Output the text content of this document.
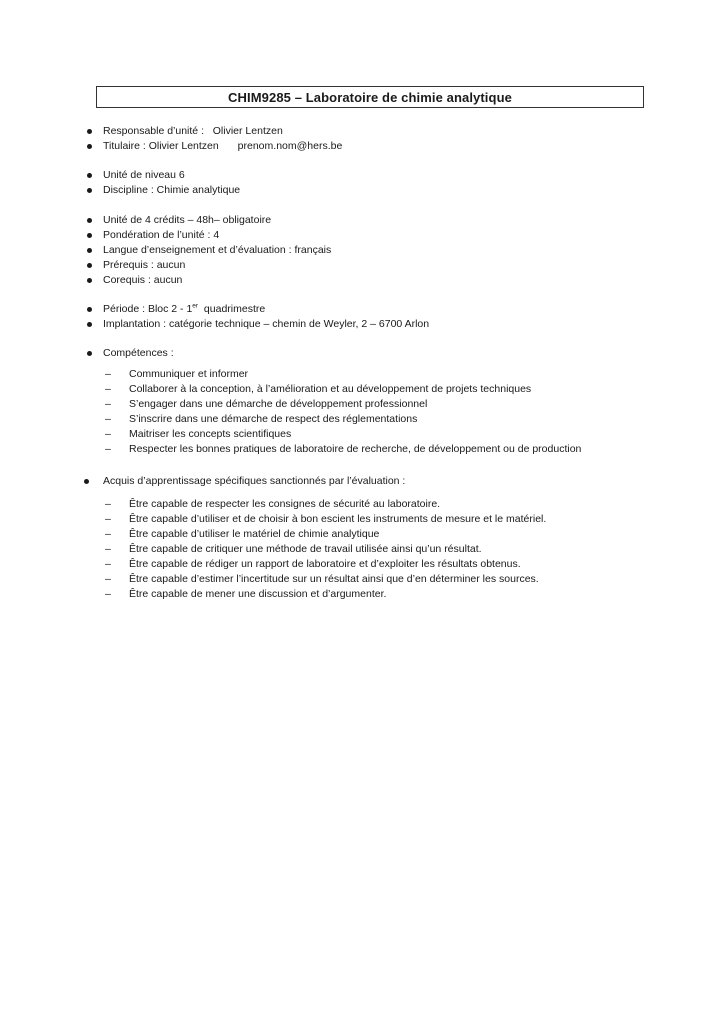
CHIM9285 – Laboratoire de chimie analytique
Responsable d’unité : Olivier Lentzen
Titulaire : Olivier Lentzen prenom.nom@hers.be
Unité de niveau 6
Discipline : Chimie analytique
Unité de 4 crédits – 48h– obligatoire
Pondération de l’unité : 4
Langue d’enseignement et d’évaluation : français
Prérequis : aucun
Corequis : aucun
Période : Bloc 2 - 1er quadrimestre
Implantation : catégorie technique – chemin de Weyler, 2 – 6700 Arlon
Compétences :
– Communiquer et informer
– Collaborer à la conception, à l’amélioration et au développement de projets techniques
– S’engager dans une démarche de développement professionnel
– S’inscrire dans une démarche de respect des réglementations
– Maitriser les concepts scientifiques
– Respecter les bonnes pratiques de laboratoire de recherche, de développement ou de production
Acquis d’apprentissage spécifiques sanctionnés par l’évaluation :
– Être capable de respecter les consignes de sécurité au laboratoire.
– Être capable d’utiliser et de choisir à bon escient les instruments de mesure et le matériel.
– Être capable d’utiliser le matériel de chimie analytique
– Être capable de critiquer une méthode de travail utilisée ainsi qu’un résultat.
– Être capable de rédiger un rapport de laboratoire et d’exploiter les résultats obtenus.
– Être capable d’estimer l’incertitude sur un résultat ainsi que d’en déterminer les sources.
– Être capable de mener une discussion et d’argumenter.
